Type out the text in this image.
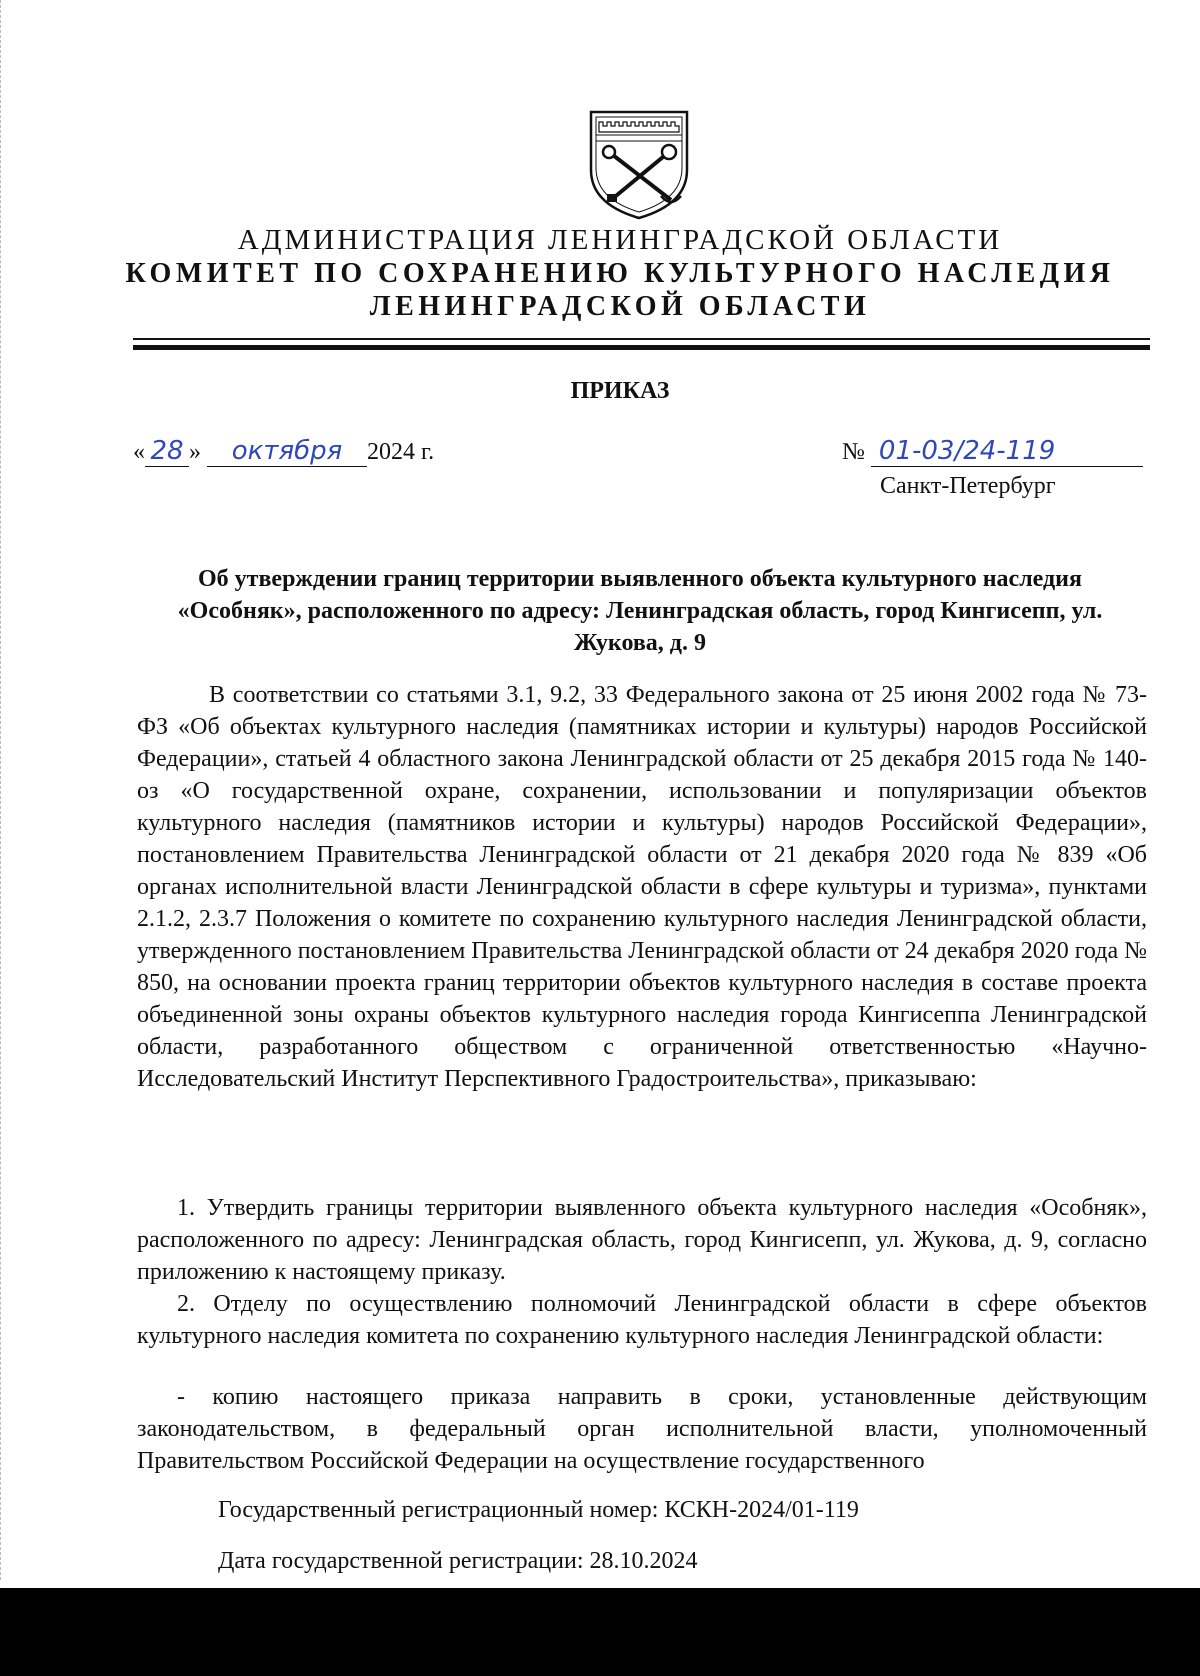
АДМИНИСТРАЦИЯ ЛЕНИНГРАДСКОЙ ОБЛАСТИ
КОМИТЕТ ПО СОХРАНЕНИЮ КУЛЬТУРНОГО НАСЛЕДИЯ
ЛЕНИНГРАДСКОЙ ОБЛАСТИ
ПРИКАЗ
« 28 » октября 2024 г.	№ 01-03/24-119
Санкт-Петербург
Об утверждении границ территории выявленного объекта культурного наследия «Особняк», расположенного по адресу: Ленинградская область, город Кингисепп, ул. Жукова, д. 9
В соответствии со статьями 3.1, 9.2, 33 Федерального закона от 25 июня 2002 года № 73-ФЗ «Об объектах культурного наследия (памятниках истории и культуры) народов Российской Федерации», статьей 4 областного закона Ленинградской области от 25 декабря 2015 года № 140-оз «О государственной охране, сохранении, использовании и популяризации объектов культурного наследия (памятников истории и культуры) народов Российской Федерации», постановлением Правительства Ленинградской области от 21 декабря 2020 года № 839 «Об органах исполнительной власти Ленинградской области в сфере культуры и туризма», пунктами 2.1.2, 2.3.7 Положения о комитете по сохранению культурного наследия Ленинградской области, утвержденного постановлением Правительства Ленинградской области от 24 декабря 2020 года № 850, на основании проекта границ территории объектов культурного наследия в составе проекта объединенной зоны охраны объектов культурного наследия города Кингисеппа Ленинградской области, разработанного обществом с ограниченной ответственностью «Научно-Исследовательский Институт Перспективного Градостроительства», приказываю:
1. Утвердить границы территории выявленного объекта культурного наследия «Особняк», расположенного по адресу: Ленинградская область, город Кингисепп, ул. Жукова, д. 9, согласно приложению к настоящему приказу.
2. Отделу по осуществлению полномочий Ленинградской области в сфере объектов культурного наследия комитета по сохранению культурного наследия Ленинградской области:
- копию настоящего приказа направить в сроки, установленные действующим законодательством, в федеральный орган исполнительной власти, уполномоченный Правительством Российской Федерации на осуществление государственного
Государственный регистрационный номер: КСКН-2024/01-119
Дата государственной регистрации: 28.10.2024
